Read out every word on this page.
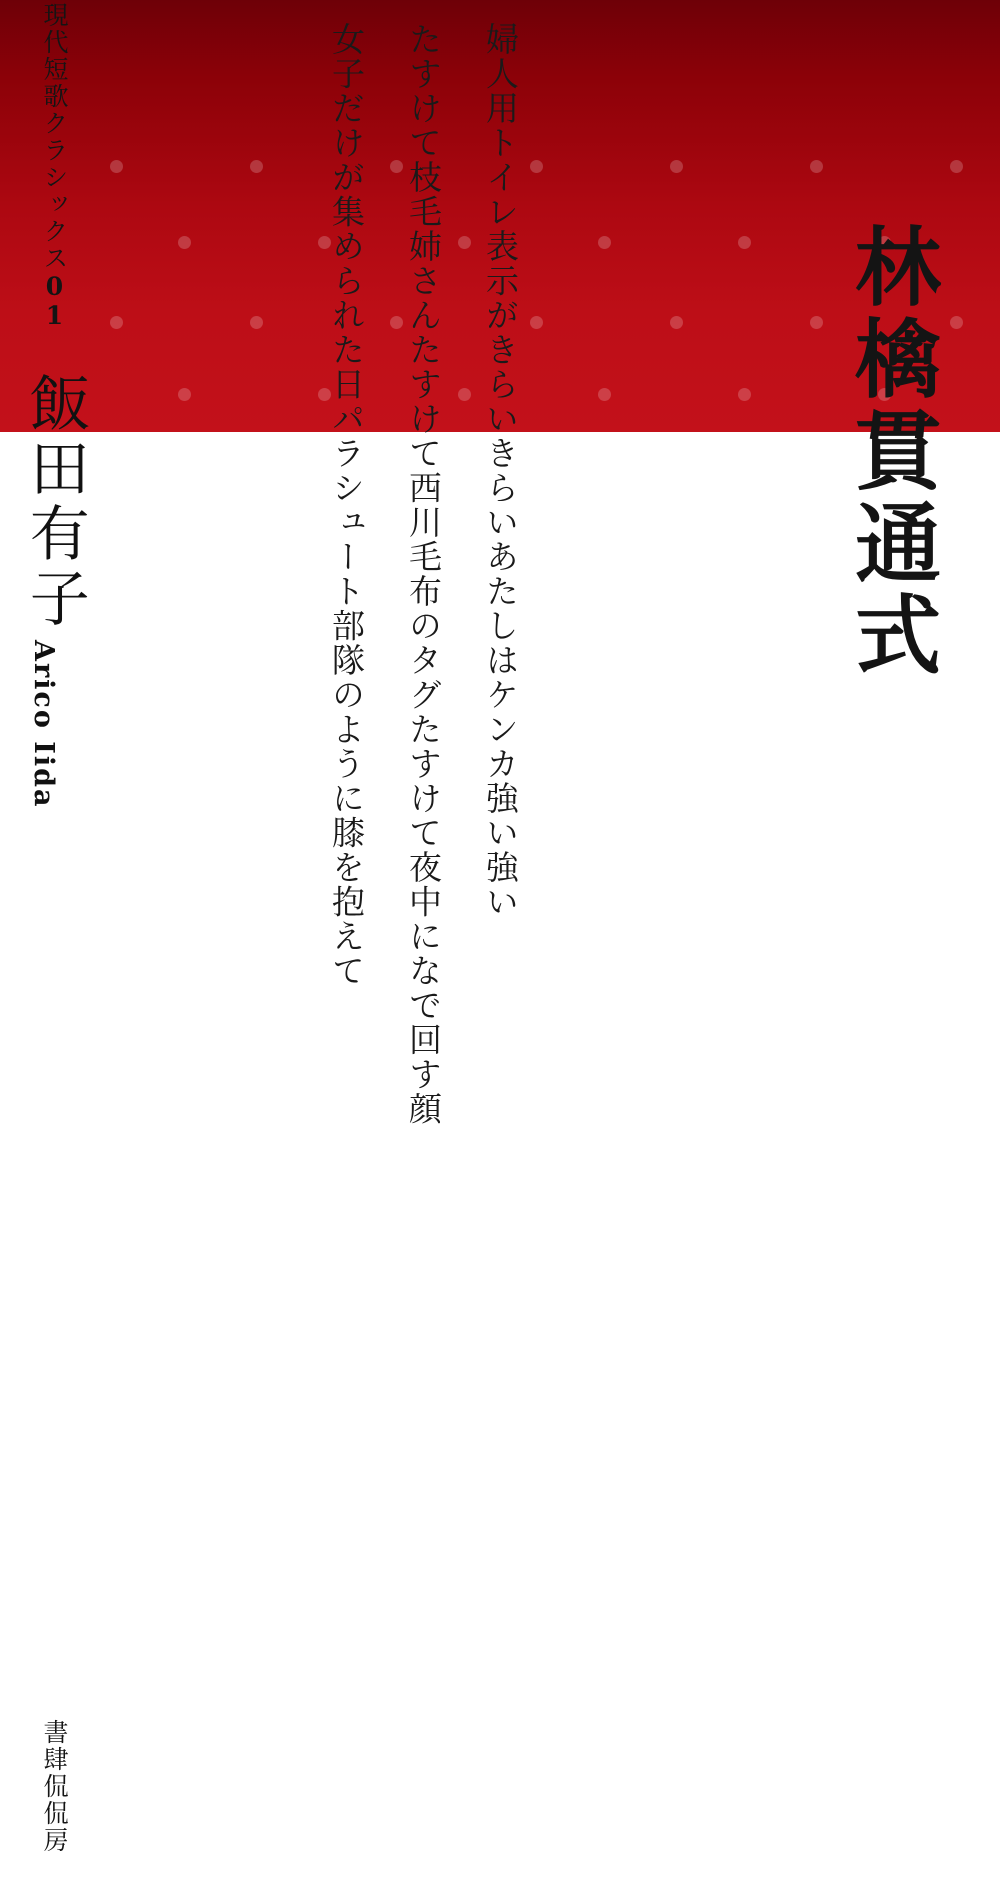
林檎貫通式
婦人用トイレ表示がきらいきらいあたしはケンカ強い強い
たすけて枝毛姉さんたすけて西川毛布のタグたすけて夜中になで回す顔
女子だけが集められた日パラシュート部隊のように膝を抱えて
現代短歌クラシックス01
飯田有子
Arico Iida
書肆侃侃房
